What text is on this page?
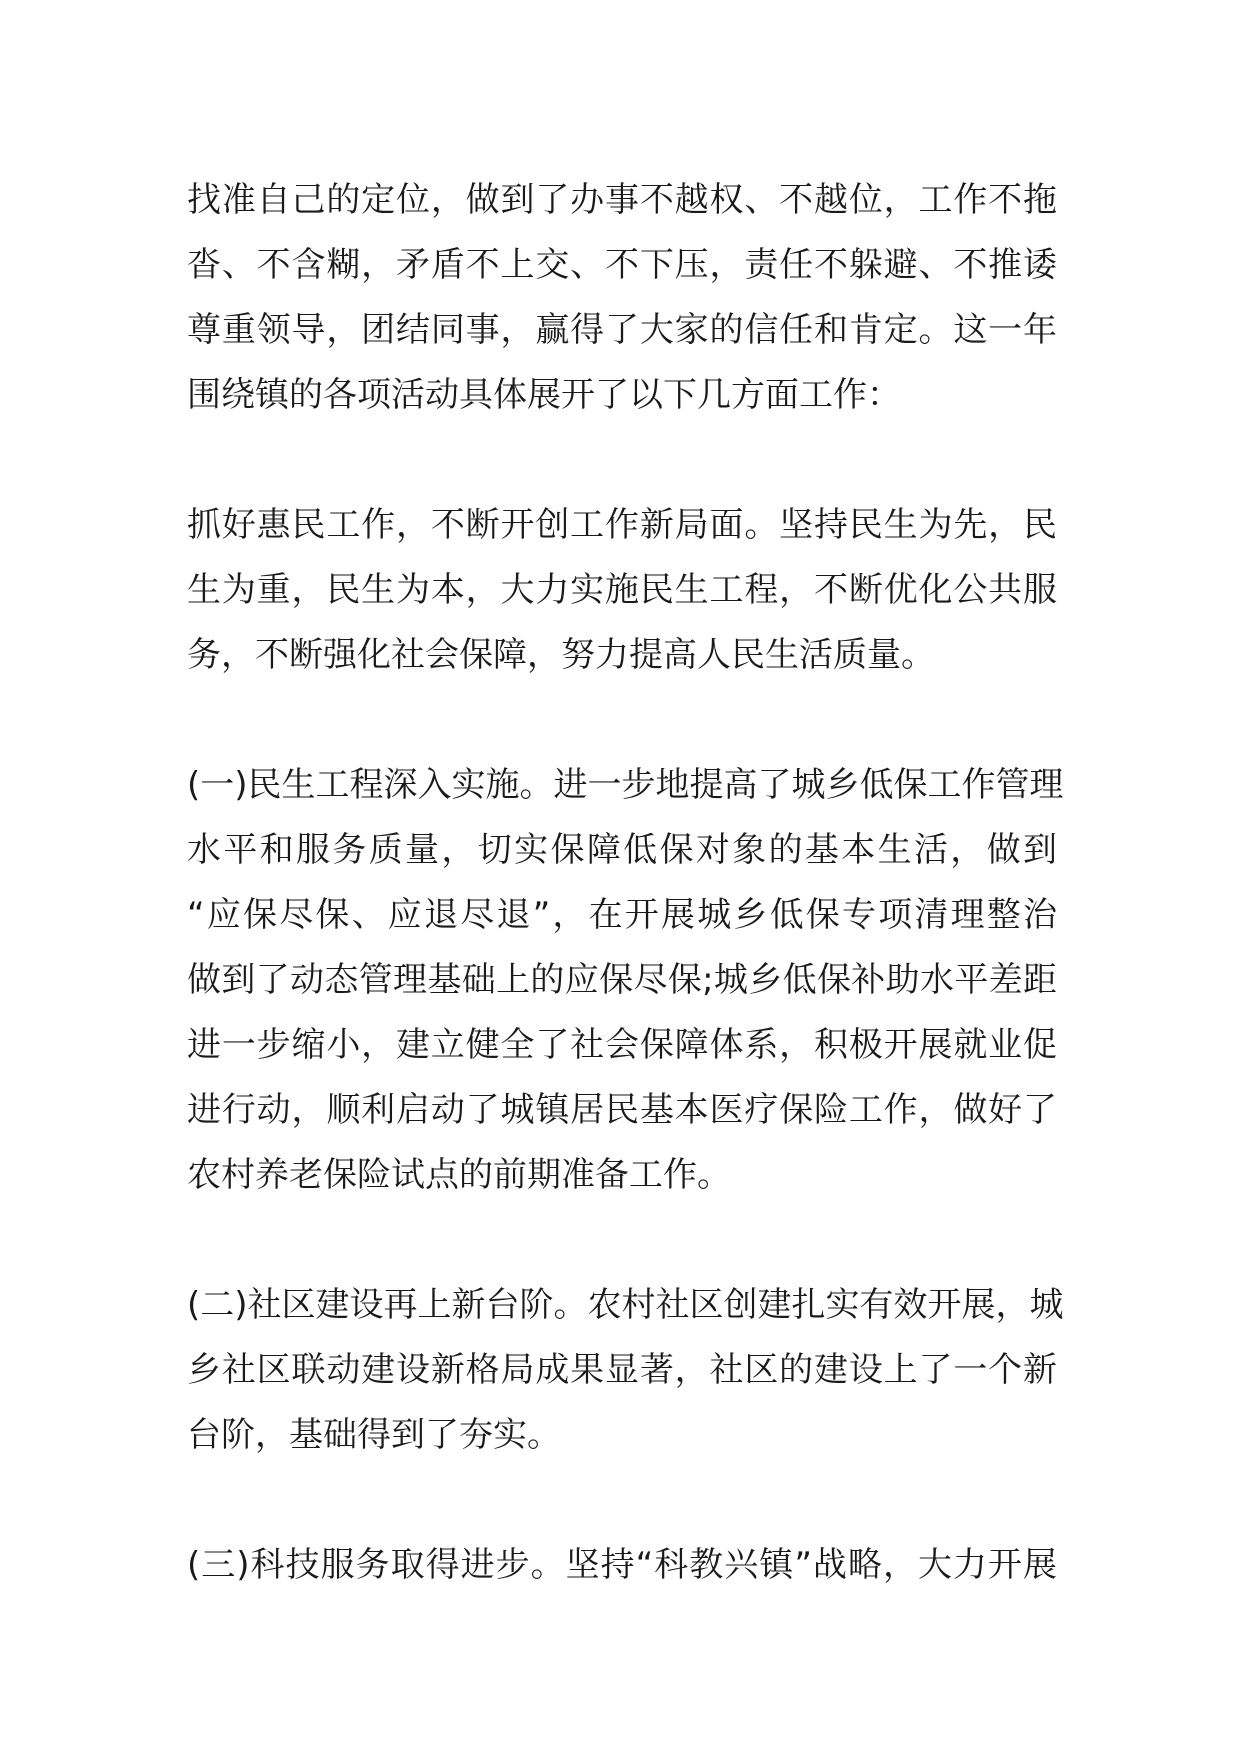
找准自己的定位，做到了办事不越权、不越位，工作不拖
沓、不含糊，矛盾不上交、不下压，责任不躲避、不推诿
尊重领导，团结同事，赢得了大家的信任和肯定。这一年
围绕镇的各项活动具体展开了以下几方面工作：
抓好惠民工作，不断开创工作新局面。坚持民生为先，民
生为重，民生为本，大力实施民生工程，不断优化公共服
务，不断强化社会保障，努力提高人民生活质量。
(一)民生工程深入实施。进一步地提高了城乡低保工作管理
水平和服务质量，切实保障低保对象的基本生活，做到
“应保尽保、应退尽退”，在开展城乡低保专项清理整治
做到了动态管理基础上的应保尽保;城乡低保补助水平差距
进一步缩小，建立健全了社会保障体系，积极开展就业促
进行动，顺利启动了城镇居民基本医疗保险工作，做好了
农村养老保险试点的前期准备工作。
(二)社区建设再上新台阶。农村社区创建扎实有效开展，城
乡社区联动建设新格局成果显著，社区的建设上了一个新
台阶，基础得到了夯实。
(三)科技服务取得进步。坚持“科教兴镇”战略，大力开展
